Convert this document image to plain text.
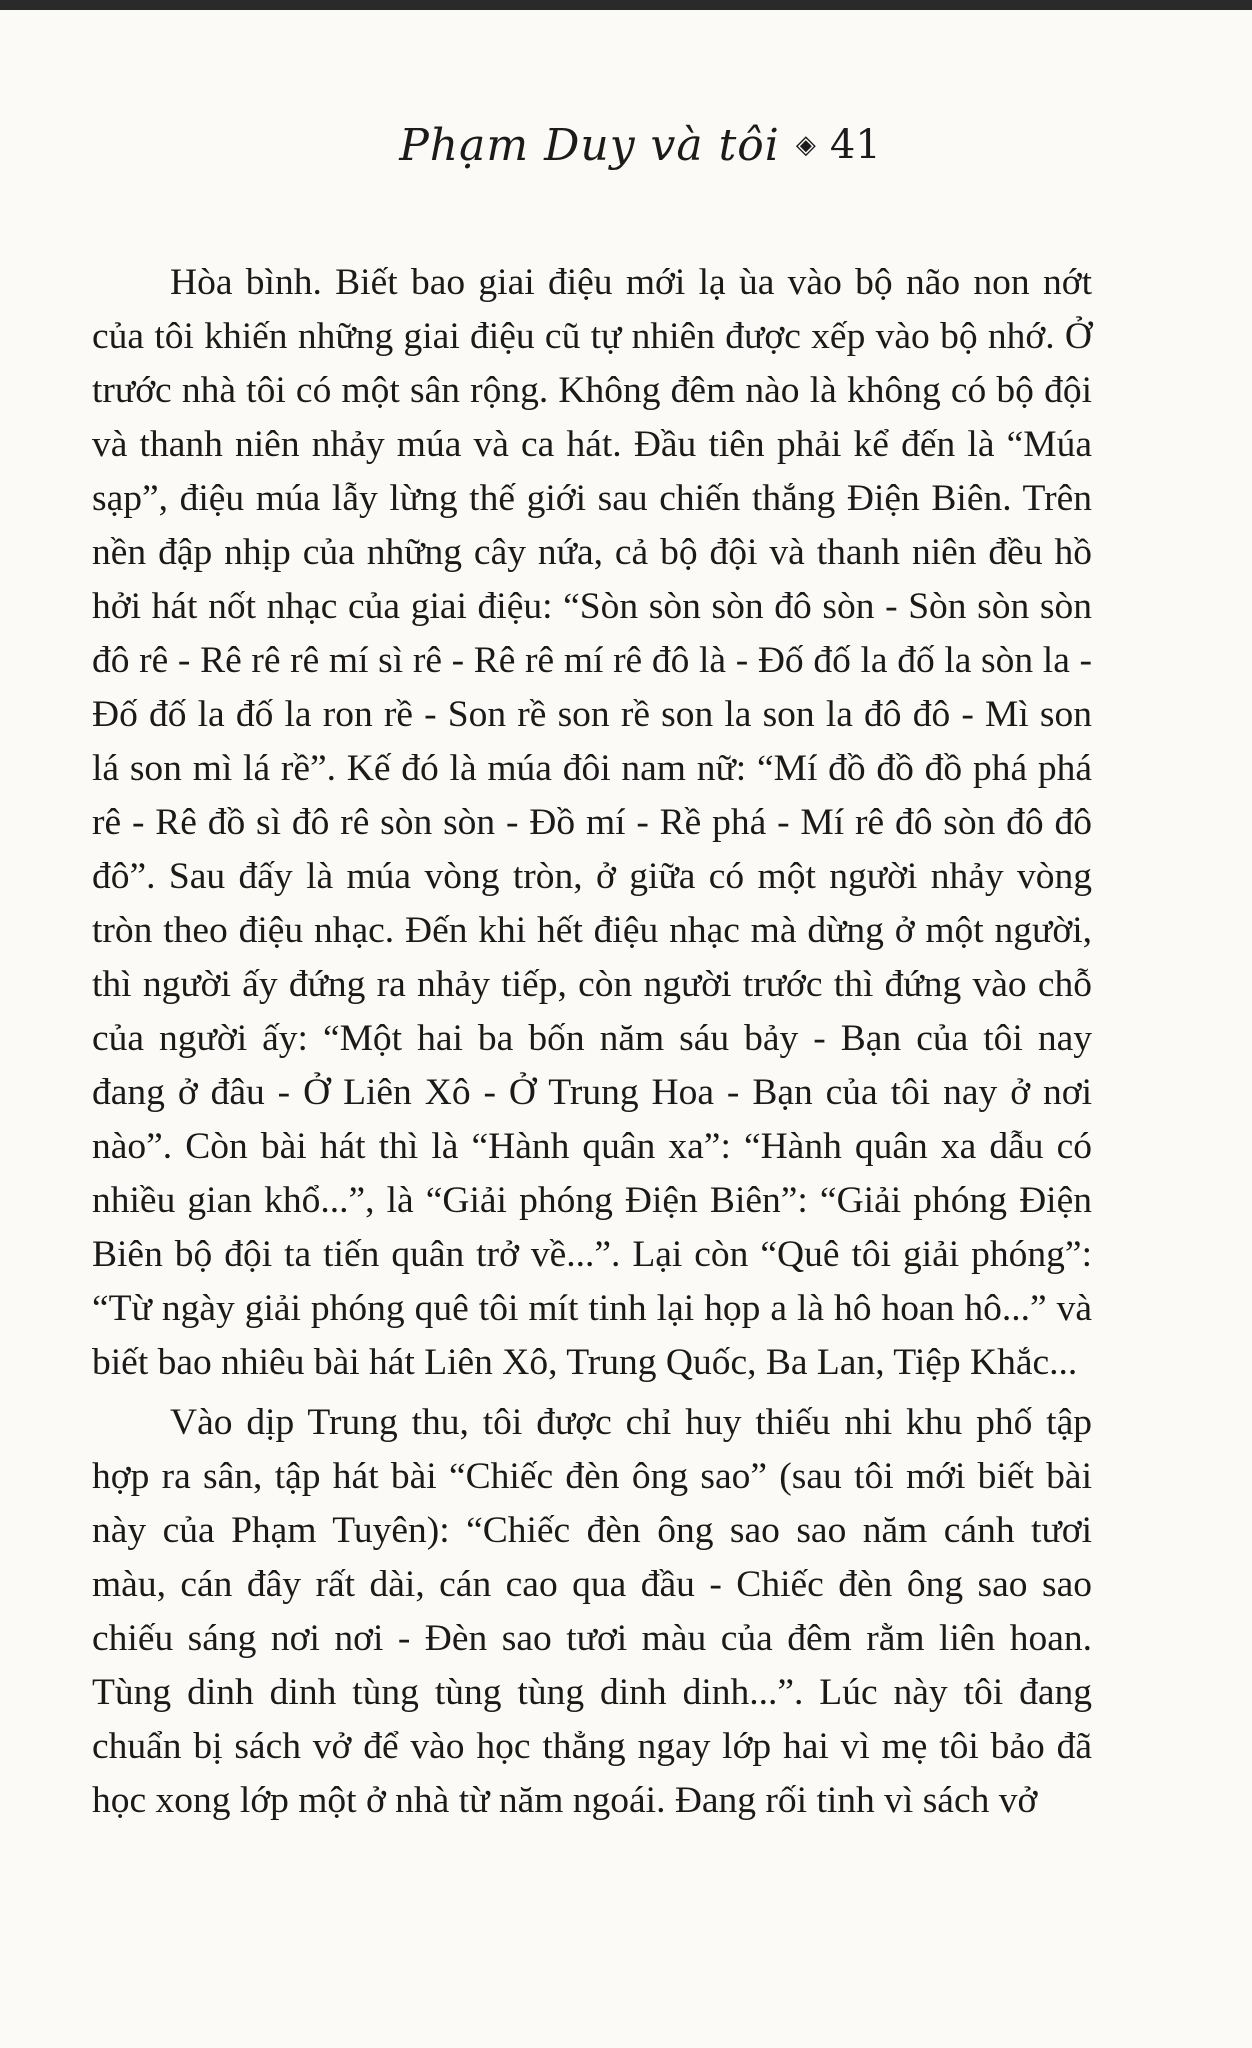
Phạm Duy và tôi ◈ 41

Hòa bình. Biết bao giai điệu mới lạ ùa vào bộ não non nớt của tôi khiến những giai điệu cũ tự nhiên được xếp vào bộ nhớ. Ở trước nhà tôi có một sân rộng. Không đêm nào là không có bộ đội và thanh niên nhảy múa và ca hát. Đầu tiên phải kể đến là “Múa sạp”, điệu múa lẫy lừng thế giới sau chiến thắng Điện Biên. Trên nền đập nhịp của những cây nứa, cả bộ đội và thanh niên đều hồ hởi hát nốt nhạc của giai điệu: “Sòn sòn sòn đô sòn - Sòn sòn sòn đô rê - Rê rê rê mí sì rê - Rê rê mí rê đô là - Đố đố la đố la sòn la - Đố đố la đố la ron rề - Son rề son rề son la son la đô đô - Mì son lá son mì lá rề”. Kế đó là múa đôi nam nữ: “Mí đồ đồ đồ phá phá rê - Rê đồ sì đô rê sòn sòn - Đồ mí - Rề phá - Mí rê đô sòn đô đô đô”. Sau đấy là múa vòng tròn, ở giữa có một người nhảy vòng tròn theo điệu nhạc. Đến khi hết điệu nhạc mà dừng ở một người, thì người ấy đứng ra nhảy tiếp, còn người trước thì đứng vào chỗ của người ấy: “Một hai ba bốn năm sáu bảy - Bạn của tôi nay đang ở đâu - Ở Liên Xô - Ở Trung Hoa - Bạn của tôi nay ở nơi nào”. Còn bài hát thì là “Hành quân xa”: “Hành quân xa dẫu có nhiều gian khổ...”, là “Giải phóng Điện Biên”: “Giải phóng Điện Biên bộ đội ta tiến quân trở về...”. Lại còn “Quê tôi giải phóng”: “Từ ngày giải phóng quê tôi mít tinh lại họp a là hô hoan hô...” và biết bao nhiêu bài hát Liên Xô, Trung Quốc, Ba Lan, Tiệp Khắc...

Vào dịp Trung thu, tôi được chỉ huy thiếu nhi khu phố tập hợp ra sân, tập hát bài “Chiếc đèn ông sao” (sau tôi mới biết bài này của Phạm Tuyên): “Chiếc đèn ông sao sao năm cánh tươi màu, cán đây rất dài, cán cao qua đầu - Chiếc đèn ông sao sao chiếu sáng nơi nơi - Đèn sao tươi màu của đêm rằm liên hoan. Tùng dinh dinh tùng tùng tùng dinh dinh...”. Lúc này tôi đang chuẩn bị sách vở để vào học thẳng ngay lớp hai vì mẹ tôi bảo đã học xong lớp một ở nhà từ năm ngoái. Đang rối tinh vì sách vở
